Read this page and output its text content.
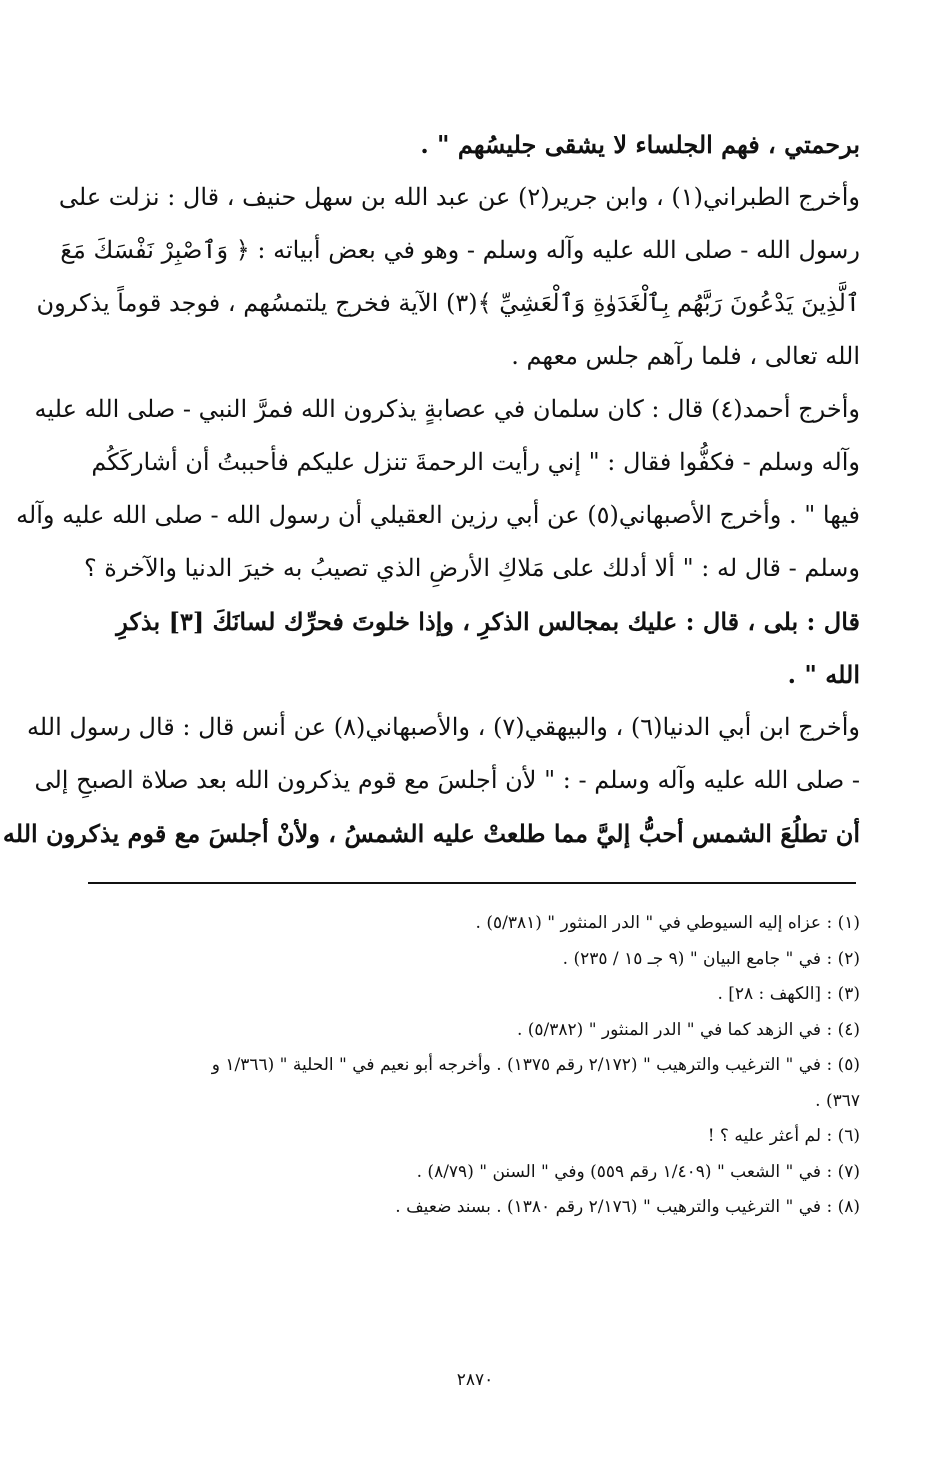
برحمتي ، فهم الجلساء لا يشقى جليسُهم " .
وأخرج الطبراني(١) ، وابن جرير(٢) عن عبد الله بن سهل حنيف ، قال : نزلت على
رسول الله - صلى الله عليه وآله وسلم - وهو في بعض أبياته : ﴿ وَٱصْبِرْ نَفْسَكَ مَعَ
ٱلَّذِينَ يَدْعُونَ رَبَّهُم بِٱلْغَدَوٰةِ وَٱلْعَشِيِّ ﴾(٣) الآية فخرج يلتمسُهم ، فوجد قوماً يذكرون
الله تعالى ، فلما رآهم جلس معهم .
وأخرج أحمد(٤) قال : كان سلمان في عصابةٍ يذكرون الله فمرَّ النبي - صلى الله عليه
وآله وسلم - فكفُّوا فقال : " إني رأيت الرحمةَ تنزل عليكم فأحببتُ أن أشاركَكُم
فيها " . وأخرج الأصبهاني(٥) عن أبي رزين العقيلي أن رسول الله - صلى الله عليه وآله
وسلم - قال له : " ألا أدلك على مَلاكِ الأرضِ الذي تصيبُ به خيرَ الدنيا والآخرة ؟
قال : بلى ، قال : عليك بمجالس الذكرِ ، وإذا خلوتَ فحرِّك لسانَكَ [٣] بذكرِ
الله " .
وأخرج ابن أبي الدنيا(٦) ، والبيهقي(٧) ، والأصبهاني(٨) عن أنس قال : قال رسول الله
- صلى الله عليه وآله وسلم - : " لأن أجلسَ مع قوم يذكرون الله بعد صلاة الصبحِ إلى
أن تطلُعَ الشمس أحبُّ إليَّ مما طلعتْ عليه الشمسُ ، ولأنْ أجلسَ مع قوم يذكرون الله
(١) : عزاه إليه السيوطي في " الدر المنثور " (٥/٣٨١) .
(٢) : في " جامع البيان " (٩ جـ ١٥ / ٢٣٥) .
(٣) : [الكهف : ٢٨] .
(٤) : في الزهد كما في " الدر المنثور " (٥/٣٨٢) .
(٥) : في " الترغيب والترهيب " (٢/١٧٢ رقم ١٣٧٥) . وأخرجه أبو نعيم في " الحلية " (١/٣٦٦ و
٣٦٧) .
(٦) : لم أعثر عليه ؟ !
(٧) : في " الشعب " (١/٤٠٩ رقم ٥٥٩) وفي " السنن " (٨/٧٩) .
(٨) : في " الترغيب والترهيب " (٢/١٧٦ رقم ١٣٨٠) . بسند ضعيف .
٢٨٧٠
